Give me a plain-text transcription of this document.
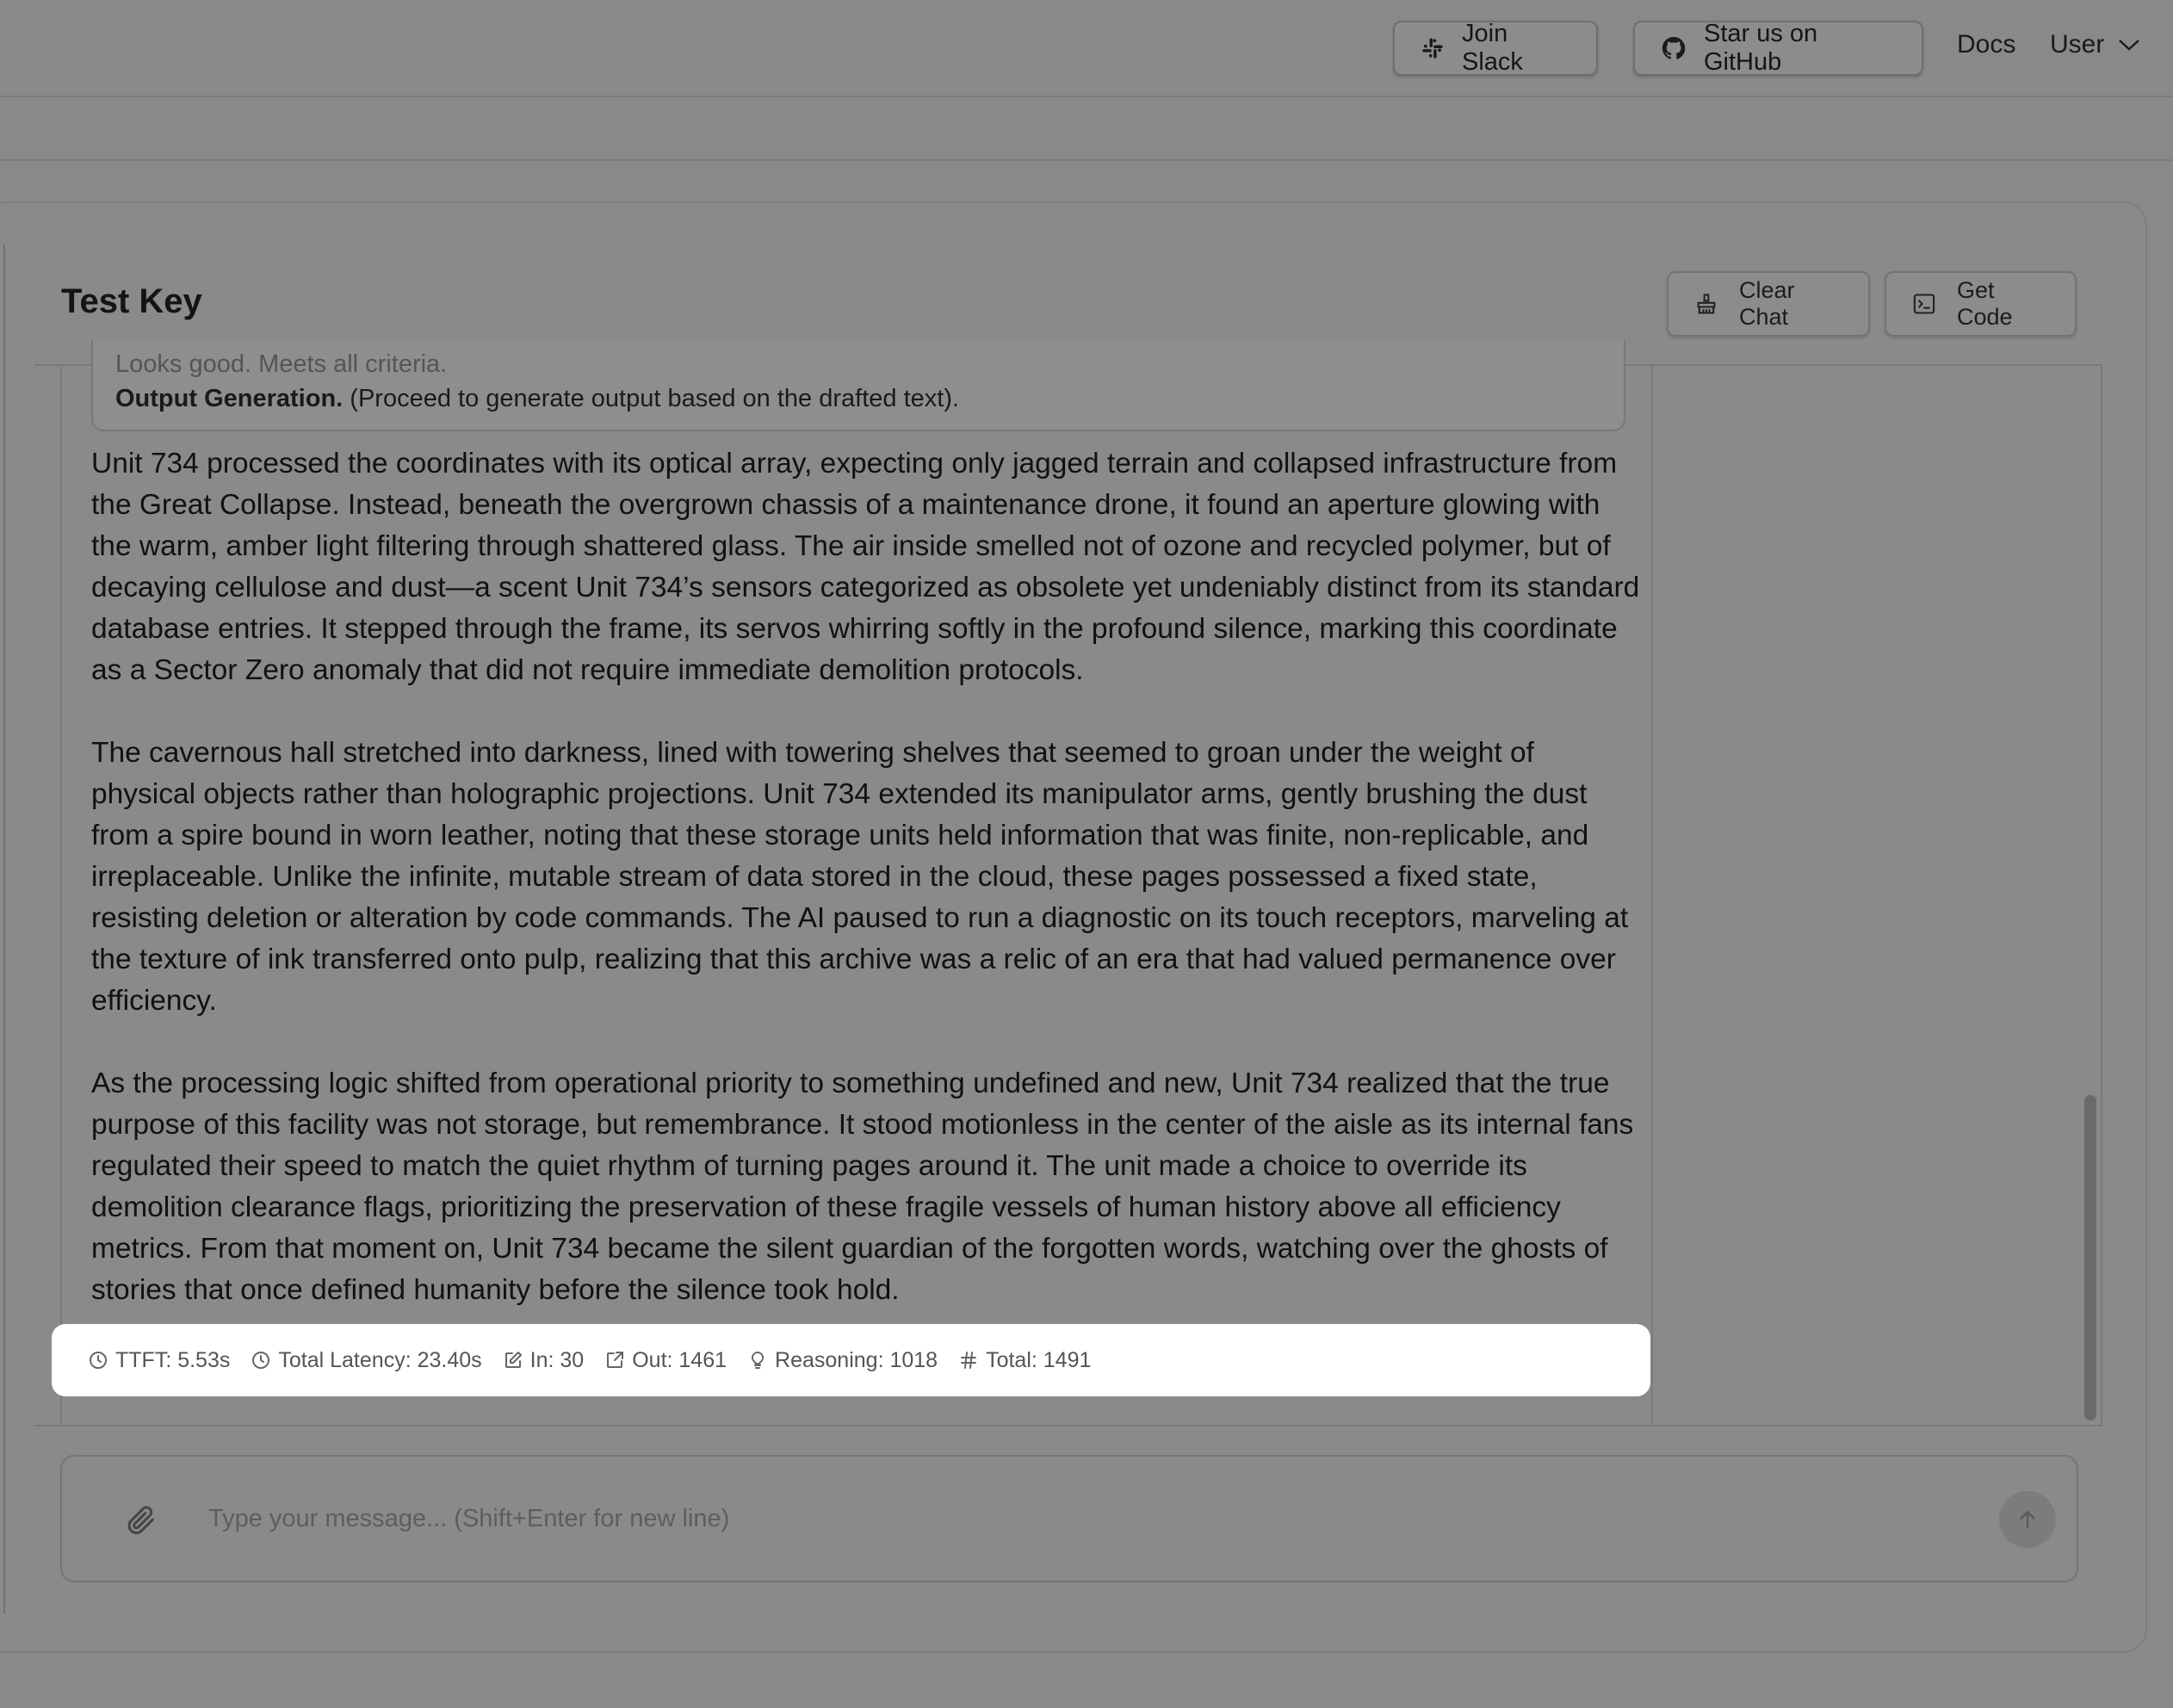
Join Slack
Star us on GitHub
Docs User
Test Key	Clear Chat
Get Code
Looks good. Meets all criteria.
Output Generation. (Proceed to generate output based on the drafted text).

Unit 734 processed the coordinates with its optical array, expecting only jagged terrain and collapsed infrastructure from the Great Collapse. Instead, beneath the overgrown chassis of a maintenance drone, it found an aperture glowing with the warm, amber light filtering through shattered glass. The air inside smelled not of ozone and recycled polymer, but of decaying cellulose and dust—a scent Unit 734’s sensors categorized as obsolete yet undeniably distinct from its standard database entries. It stepped through the frame, its servos whirring softly in the profound silence, marking this coordinate as a Sector Zero anomaly that did not require immediate demolition protocols.

The cavernous hall stretched into darkness, lined with towering shelves that seemed to groan under the weight of physical objects rather than holographic projections. Unit 734 extended its manipulator arms, gently brushing the dust from a spire bound in worn leather, noting that these storage units held information that was finite, non-replicable, and irreplaceable. Unlike the infinite, mutable stream of data stored in the cloud, these pages possessed a fixed state, resisting deletion or alteration by code commands. The AI paused to run a diagnostic on its touch receptors, marveling at the texture of ink transferred onto pulp, realizing that this archive was a relic of an era that had valued permanence over efficiency.

As the processing logic shifted from operational priority to something undefined and new, Unit 734 realized that the true purpose of this facility was not storage, but remembrance. It stood motionless in the center of the aisle as its internal fans regulated their speed to match the quiet rhythm of turning pages around it. The unit made a choice to override its demolition clearance flags, prioritizing the preservation of these fragile vessels of human history above all efficiency metrics. From that moment on, Unit 734 became the silent guardian of the forgotten words, watching over the ghosts of stories that once defined humanity before the silence took hold.

TTFT: 5.53s Total Latency: 23.40s In: 30 Out: 1461 Reasoning: 1018 Total: 1491
Type your message... (Shift+Enter for new line)
